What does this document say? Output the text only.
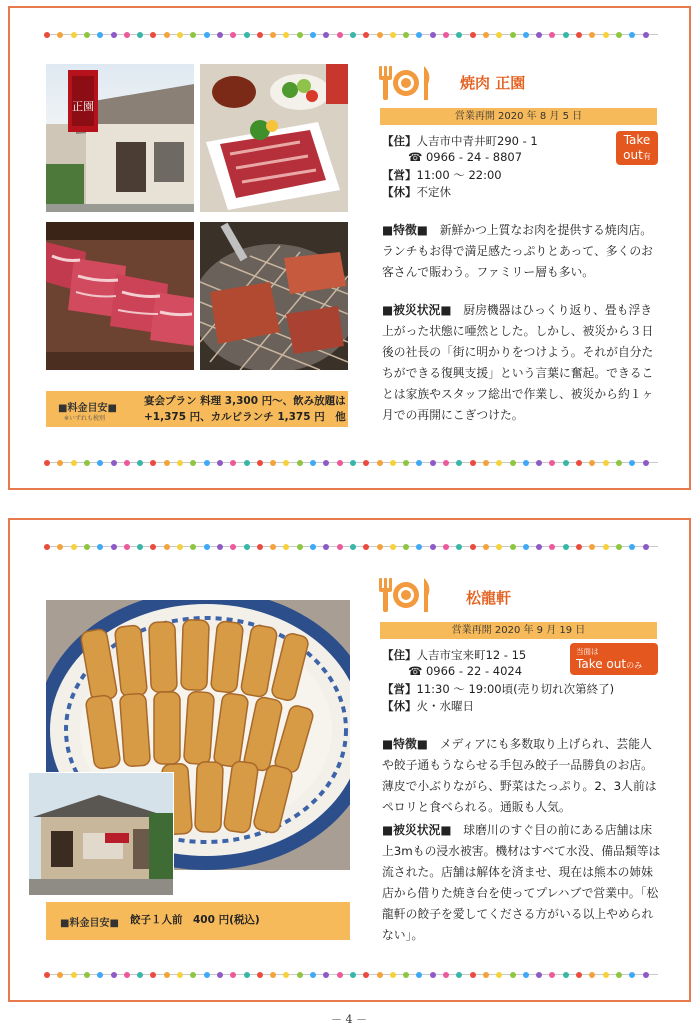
正園
■料金目安■
※いずれも税別
宴会プラン 料理 3,300 円〜、飲み放題は
+1,375 円、カルビランチ 1,375 円　他
焼肉 正園
営業再開 2020 年 8 月 5 日
【住】人吉市中青井町290 - 1
☎ 0966 - 24 - 8807
【営】11:00 ～ 22:00
【休】不定休
Take
out有
■特徴■　新鮮かつ上質なお肉を提供する焼肉店。ランチもお得で満足感たっぷりとあって、多くのお客さんで賑わう。ファミリー層も多い。
■被災状況■　厨房機器はひっくり返り、畳も浮き上がった状態に唖然とした。しかし、被災から３日後の社長の「街に明かりをつけよう。それが自分たちができる復興支援」という言葉に奮起。できることは家族やスタッフ総出で作業し、被災から約１ヶ月での再開にこぎつけた。
■料金目安■ 餃子１人前　400 円(税込)
松龍軒
営業再開 2020 年 9 月 19 日
【住】人吉市宝来町12 - 15
☎ 0966 - 22 - 4024
【営】11:30 ～ 19:00頃(売り切れ次第終了)
【休】火・水曜日
当面は
Take outのみ
■特徴■　メディアにも多数取り上げられ、芸能人や餃子通もうならせる手包み餃子一品勝負のお店。薄皮で小ぶりながら、野菜はたっぷり。2、3人前はペロリと食べられる。通販も人気。
■被災状況■　球磨川のすぐ目の前にある店舗は床上3mもの浸水被害。機材はすべて水没、備品類等は流された。店舗は解体を済ませ、現在は熊本の姉妹店から借りた焼き台を使ってプレハブで営業中。｢松龍軒の餃子を愛してくださる方がいる以上やめられない｣。
－ 4 －
